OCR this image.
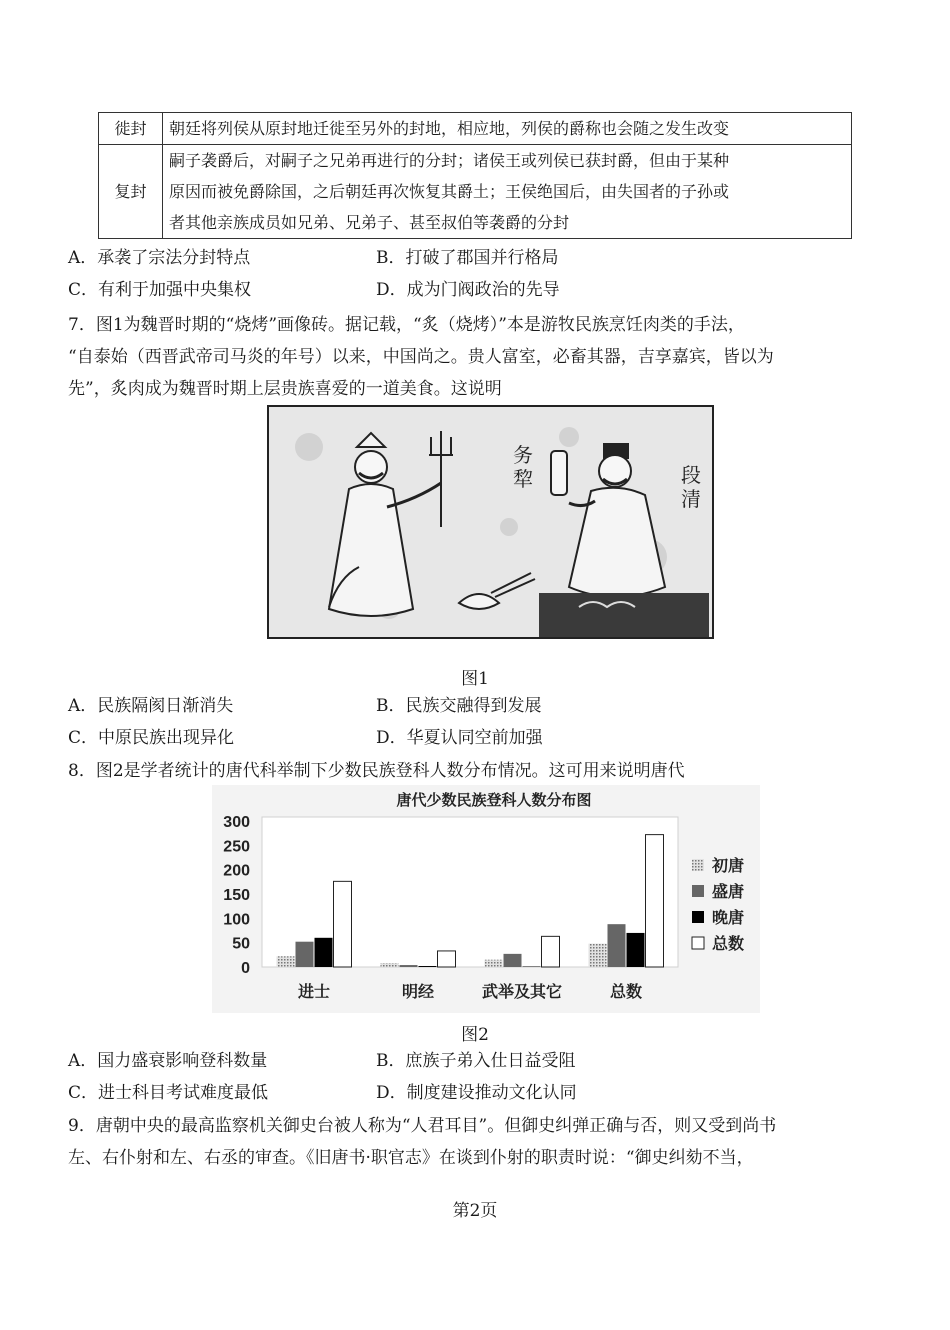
徙封	朝廷将列侯从原封地迁徙至另外的封地，相应地，列侯的爵称也会随之发生改变
复封	嗣子袭爵后，对嗣子之兄弟再进行的分封；诸侯王或列侯已获封爵，但由于某种
原因而被免爵除国，之后朝廷再次恢复其爵土；王侯绝国后，由失国者的子孙或
者其他亲族成员如兄弟、兄弟子、甚至叔伯等袭爵的分封
A．承袭了宗法分封特点	B．打破了郡国并行格局
C．有利于加强中央集权	D．成为门阀政治的先导
7．图1为魏晋时期的“烧烤”画像砖。据记载，“炙（烧烤）”本是游牧民族烹饪肉类的手法，
“自泰始（西晋武帝司马炎的年号）以来，中国尚之。贵人富室，必畜其器，吉享嘉宾，皆以为
先”，炙肉成为魏晋时期上层贵族喜爱的一道美食。这说明
务犂	段清
图1
A．民族隔阂日渐消失	B．民族交融得到发展
C．中原民族出现异化	D．华夏认同空前加强
8．图2是学者统计的唐代科举制下少数民族登科人数分布情况。这可用来说明唐代
唐代少数民族登科人数分布图
0
50
100
150
200
250
300
进士	明经	武举及其它	总数
初唐
盛唐
晚唐
总数
图2
A．国力盛衰影响登科数量	B．庶族子弟入仕日益受阻
C．进士科目考试难度最低	D．制度建设推动文化认同
9．唐朝中央的最高监察机关御史台被人称为“人君耳目”。但御史纠弹正确与否，则又受到尚书
左、右仆射和左、右丞的审查。《旧唐书·职官志》在谈到仆射的职责时说：“御史纠劾不当，
第2页
